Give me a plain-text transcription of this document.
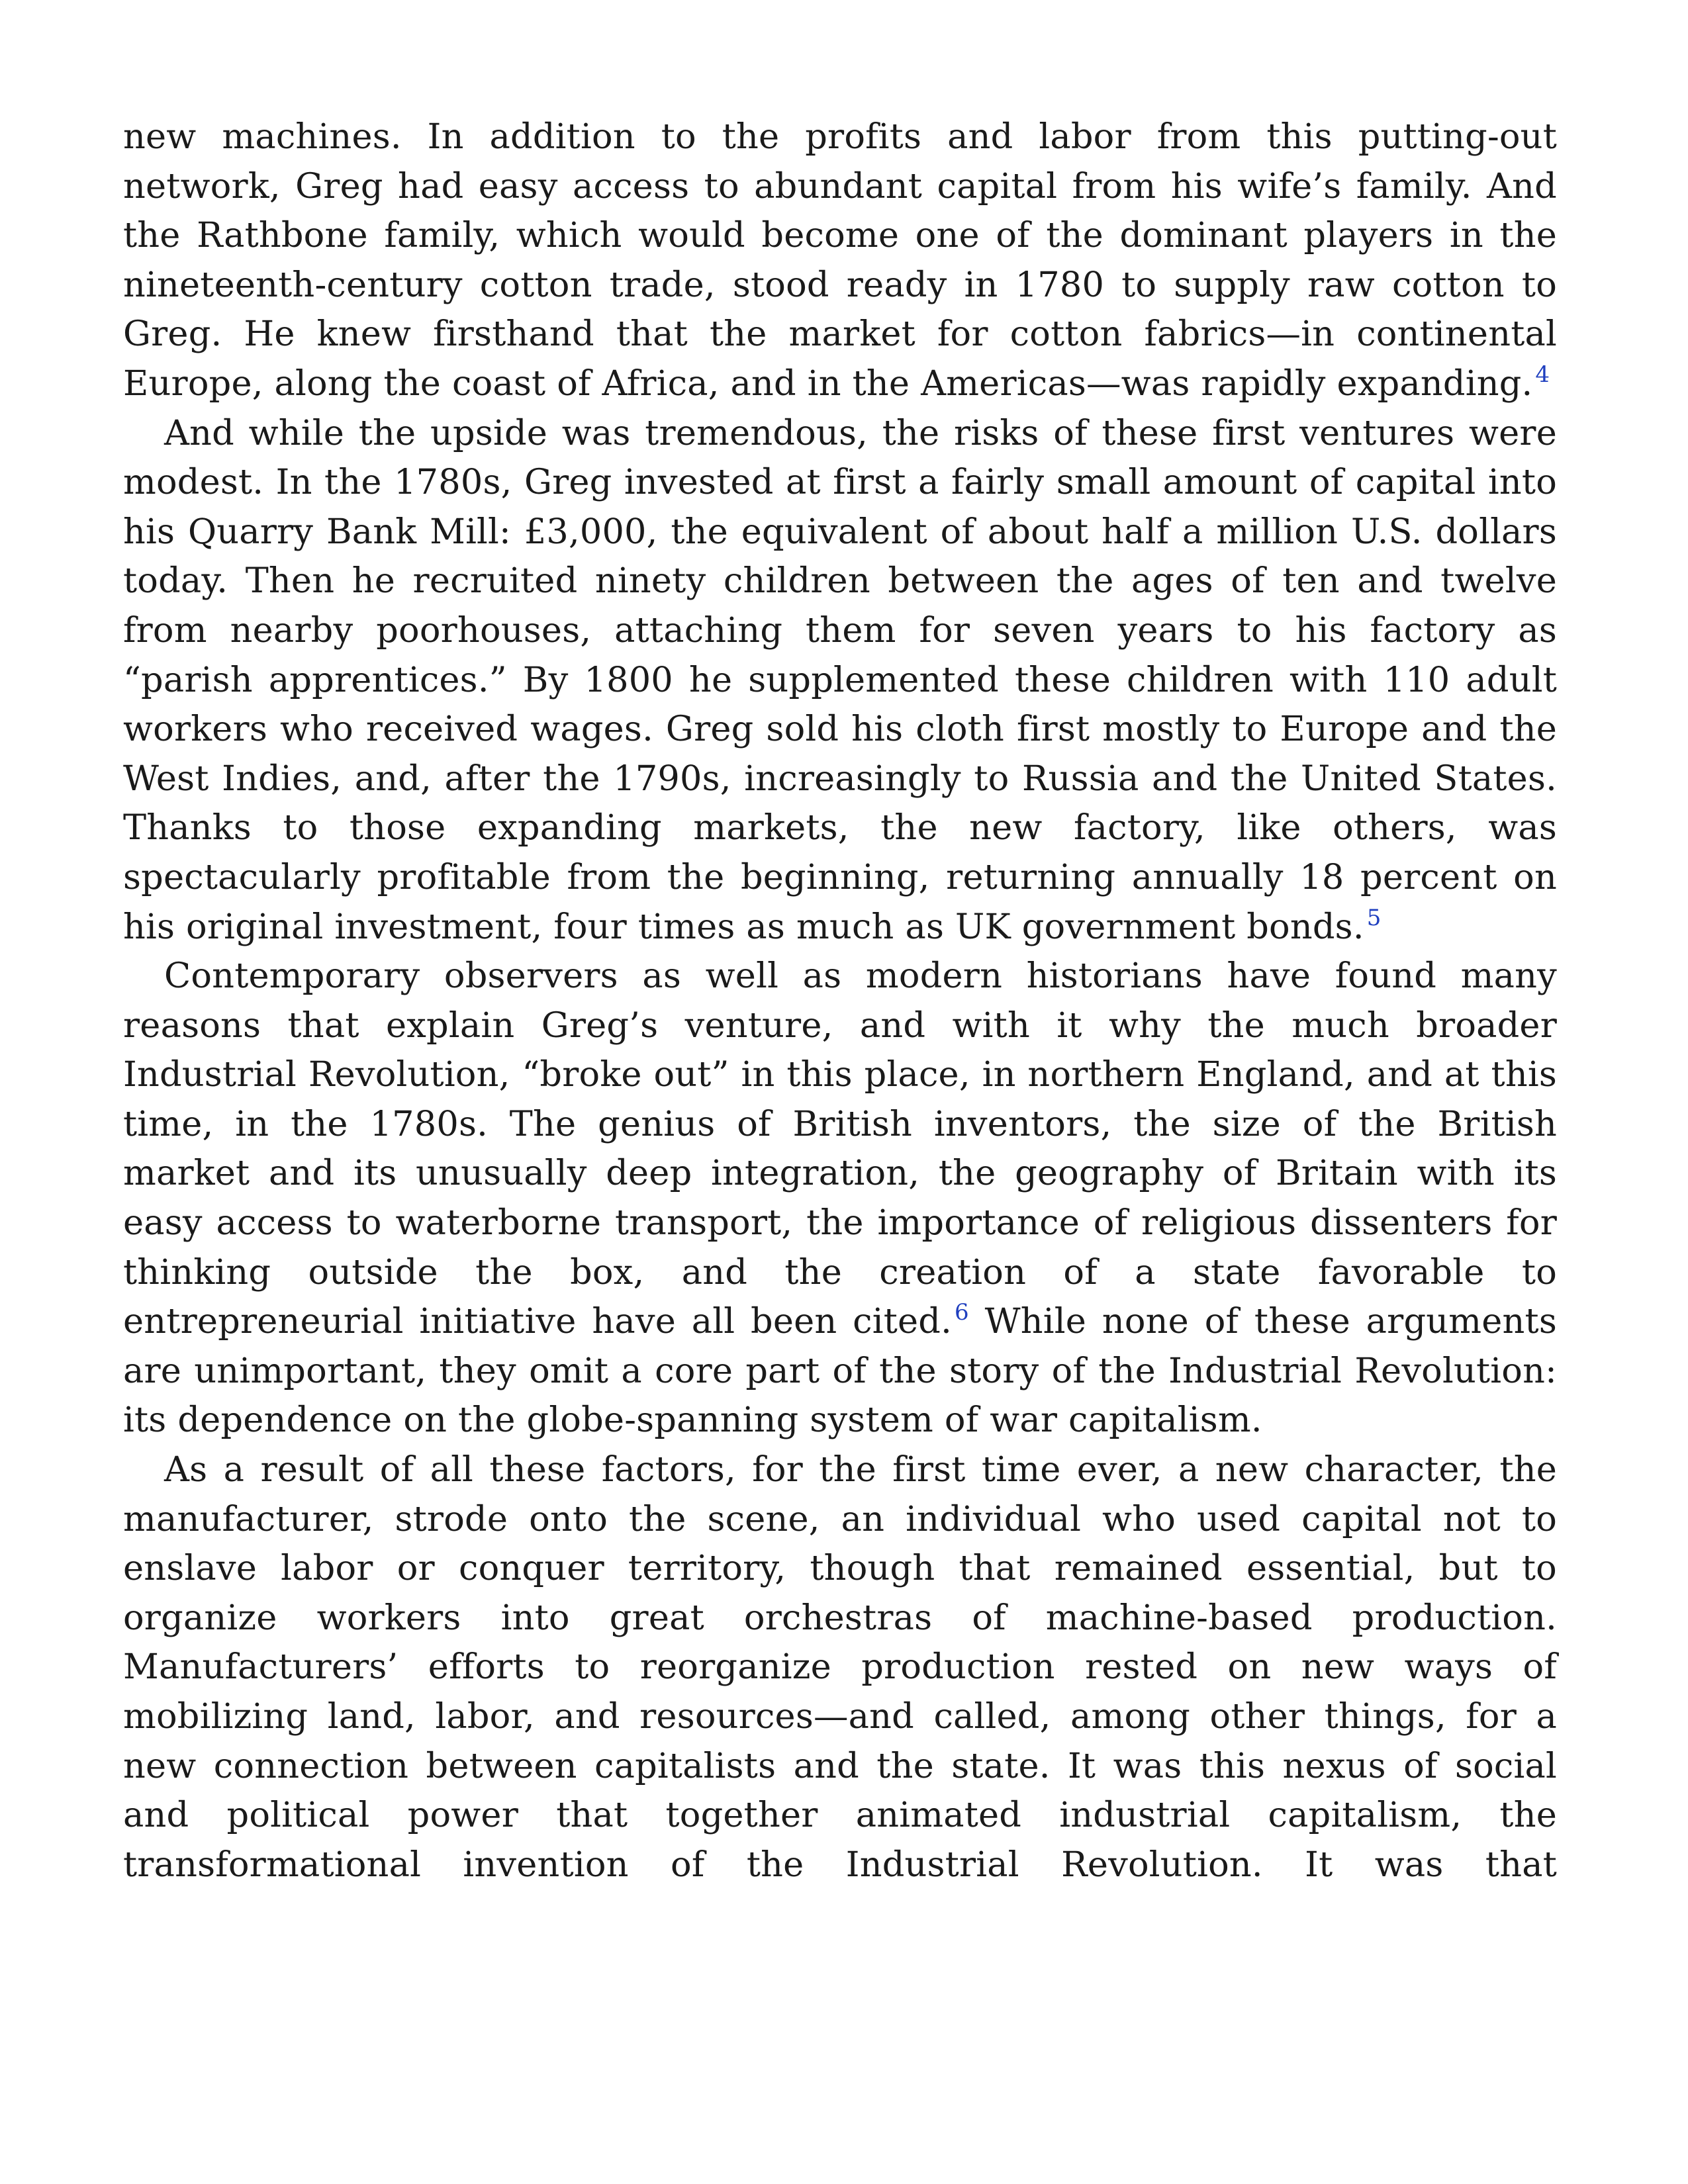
new machines. In addition to the profits and labor from this putting-out network, Greg had easy access to abundant capital from his wife’s family. And the Rathbone family, which would become one of the dominant players in the nineteenth-century cotton trade, stood ready in 1780 to supply raw cotton to Greg. He knew firsthand that the market for cotton fabrics—in continental Europe, along the coast of Africa, and in the Americas—was rapidly expanding. $^4$

And while the upside was tremendous, the risks of these first ventures were modest. In the 1780s, Greg invested at first a fairly small amount of capital into his Quarry Bank Mill: £3,000, the equivalent of about half a million U.S. dollars today. Then he recruited ninety children between the ages of ten and twelve from nearby poorhouses, attaching them for seven years to his factory as “parish apprentices.” By 1800 he supplemented these children with 110 adult workers who received wages. Greg sold his cloth first mostly to Europe and the West Indies, and, after the 1790s, increasingly to Russia and the United States. Thanks to those expanding markets, the new factory, like others, was spectacularly profitable from the beginning, returning annually 18 percent on his original investment, four times as much as UK government bonds. $^5$

Contemporary observers as well as modern historians have found many reasons that explain Greg’s venture, and with it why the much broader Industrial Revolution, “broke out” in this place, in northern England, and at this time, in the 1780s. The genius of British inventors, the size of the British market and its unusually deep integration, the geography of Britain with its easy access to waterborne transport, the importance of religious dissenters for thinking outside the box, and the creation of a state favorable to entrepreneurial initiative have all been cited. $^6$ While none of these arguments are unimportant, they omit a core part of the story of the Industrial Revolution: its dependence on the globe-spanning system of war capitalism.

As a result of all these factors, for the first time ever, a new character, the manufacturer, strode onto the scene, an individual who used capital not to enslave labor or conquer territory, though that remained essential, but to organize workers into great orchestras of machine-based production. Manufacturers’ efforts to reorganize production rested on new ways of mobilizing land, labor, and resources—and called, among other things, for a new connection between capitalists and the state. It was this nexus of social and political power that together animated industrial capitalism, the transformational invention of the Industrial Revolution. It was that
